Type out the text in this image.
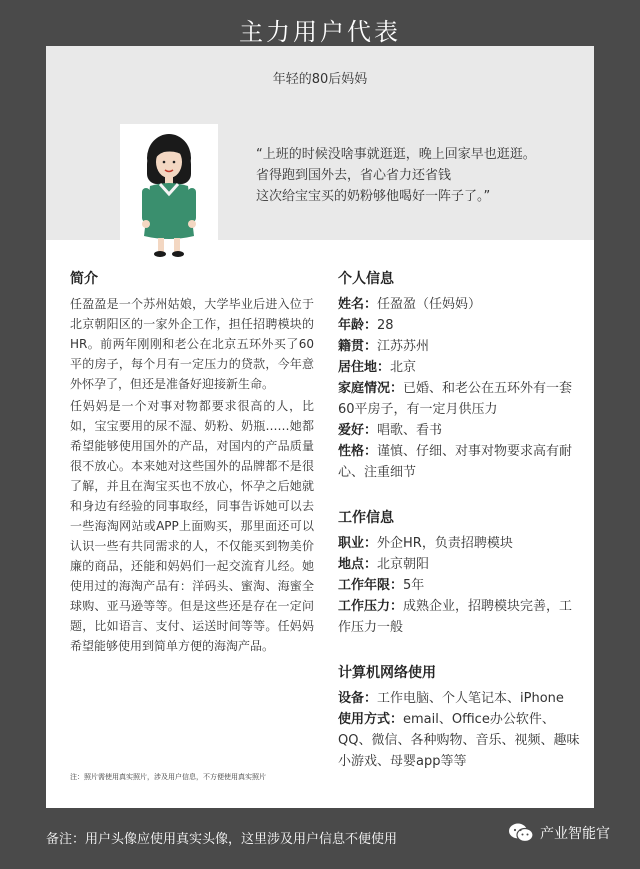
主力用户代表
年轻的80后妈妈
“上班的时候没啥事就逛逛，晚上回家早也逛逛。
省得跑到国外去，省心省力还省钱
这次给宝宝买的奶粉够他喝好一阵子了。”
简介

任盈盈是一个苏州姑娘，大学毕业后进入位于北京朝阳区的一家外企工作，担任招聘模块的HR。前两年刚刚和老公在北京五环外买了60平的房子，每个月有一定压力的贷款，今年意外怀孕了，但还是准备好迎接新生命。

任妈妈是一个对事对物都要求很高的人，比如，宝宝要用的尿不湿、奶粉、奶瓶……她都希望能够使用国外的产品，对国内的产品质量很不放心。本来她对这些国外的品牌都不是很了解，并且在淘宝买也不放心，怀孕之后她就和身边有经验的同事取经，同事告诉她可以去一些海淘网站或APP上面购买，那里面还可以认识一些有共同需求的人，不仅能买到物美价廉的商品，还能和妈妈们一起交流育儿经。她使用过的海淘产品有：洋码头、蜜淘、海蜜全球购、亚马逊等等。但是这些还是存在一定问题，比如语言、支付、运送时间等等。任妈妈希望能够使用到简单方便的海淘产品。

个人信息
姓名：任盈盈（任妈妈）
年龄：28
籍贯：江苏苏州
居住地：北京
家庭情况：已婚、和老公在五环外有一套60平房子，有一定月供压力
爱好：唱歌、看书
性格：谨慎、仔细、对事对物要求高有耐心、注重细节
工作信息
职业：外企HR，负责招聘模块
地点：北京朝阳
工作年限：5年
工作压力：成熟企业，招聘模块完善，工作压力一般
计算机网络使用
设备：工作电脑、个人笔记本、iPhone
使用方式：email、Office办公软件、QQ、微信、各种购物、音乐、视频、趣味小游戏、母婴app等等
注：照片需使用真实照片，涉及用户信息，不方便使用真实照片
备注：用户头像应使用真实头像，这里涉及用户信息不便使用	产业智能官
